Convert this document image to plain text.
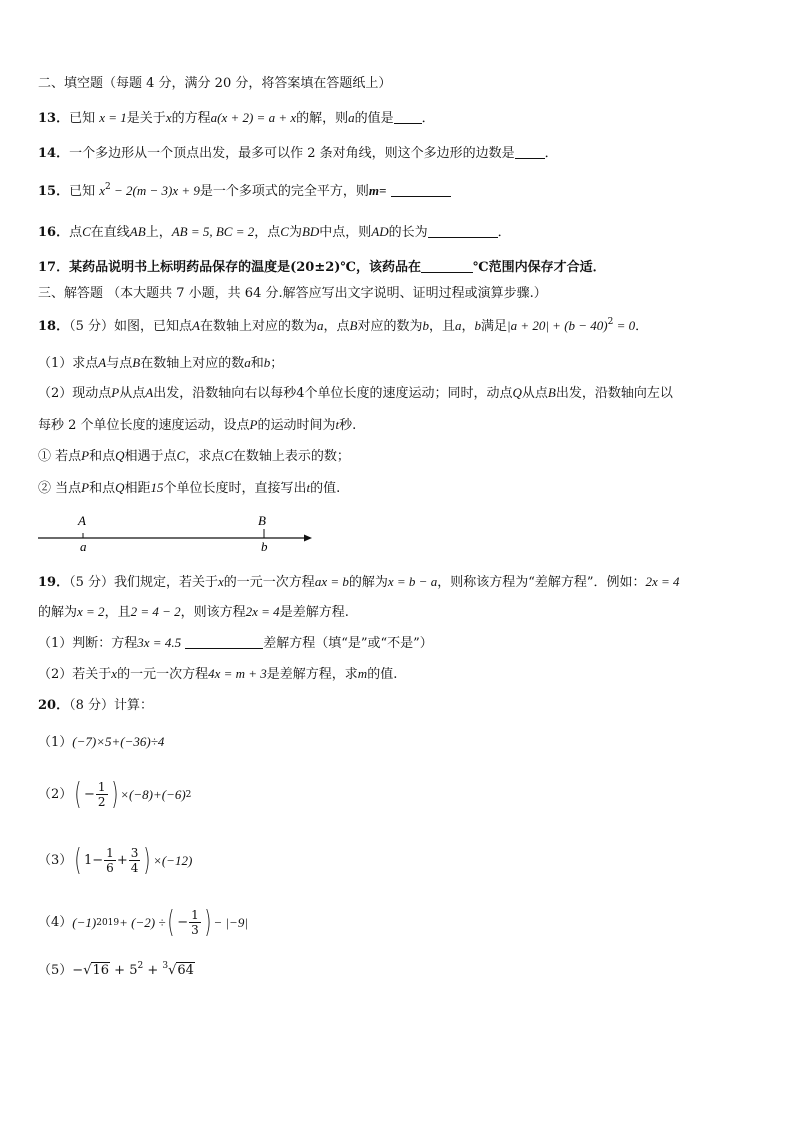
二、填空题（每题 4 分，满分 20 分，将答案填在答题纸上）
13．已知 x = 1是关于x的方程a(x + 2) = a + x的解，则a的值是 ．
14．一个多边形从一个顶点出发，最多可以作 2 条对角线，则这个多边形的边数是 ．
15．已知 $x^2 - 2(m - 3)x + 9$是一个多项式的完全平方，则m=
16．点C在直线AB上，AB = 5, BC = 2，点C为BD中点，则AD的长为	．
17．某药品说明书上标明药品保存的温度是(20±2)℃，该药品在	℃范围内保存才合适．
三、解答题 （本大题共 7 小题，共 64 分.解答应写出文字说明、证明过程或演算步骤.）
18．（5 分）如图，已知点A在数轴上对应的数为a，点B对应的数为b，且a，b满足$|a + 20| + (b - 40)^2 = 0$．
（1）求点A与点B在数轴上对应的数a和b；
（2）现动点P从点A出发，沿数轴向右以每秒4个单位长度的速度运动；同时，动点Q从点B出发，沿数轴向左以
每秒 2 个单位长度的速度运动，设点P的运动时间为t秒.
① 若点P和点Q相遇于点C，求点C在数轴上表示的数；
② 当点P和点Q相距15个单位长度时，直接写出t的值.
A
a
B
b
19．（5 分）我们规定，若关于x的一元一次方程ax = b的解为x = b − a，则称该方程为“差解方程”．例如：2x = 4
的解为x = 2，且2 = 4 − 2，则该方程2x = 4是差解方程.
（1）判断：方程3x = 4.5	差解方程（填“是”或“不是”）
（2）若关于x的一元一次方程4x = m + 3是差解方程，求m的值.
20．（8 分）计算：
（1）(−7)×5+(−36)÷4
（2） ( − $\frac{1}{2}$ ) ×(−8)+(−6) 2
（3） ( $1- \frac{1}{6} + \frac{3}{4}$ ) ×(−12)
（4） (−1) 2019 + (−2) ÷ ( − $\frac{1}{3}$ ) − |−9|
$(5)-√16 + 5^2 + ^3√64$
